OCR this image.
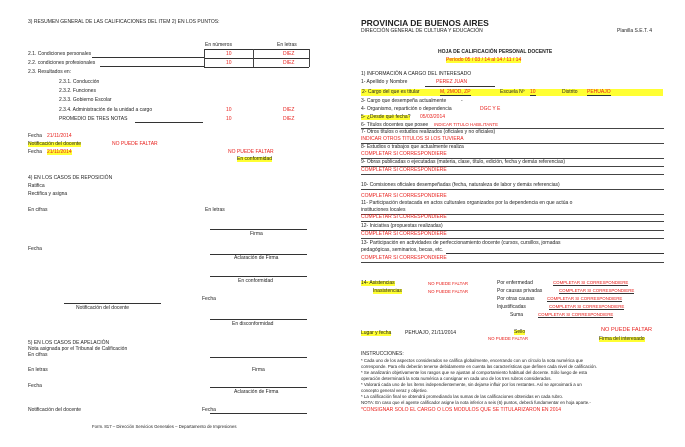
3) RESUMEN GENERAL DE LAS CALIFICACIONES DEL ITEM 2) EN LOS PUNTOS:
En números	En letras
2.1. Condiciones personales	10	DIEZ
2.2. condiciones profesionales	10	DIEZ
2.3. Resultados en:
2.3.1. Conducción
2.3.2. Funciones
2.3.3. Gobierno Escolar
2.3.4. Administración de la unidad a cargo	10	DIEZ
PROMEDIO DE TRES NOTAS	10	DIEZ
Fecha 21/11/2014
Notificación del docente	NO PUEDE FALTAR
Fecha 21/11/2014	NO PUEDE FALTAR
En conformidad
4) EN LOS CASOS DE REPOSICIÓN
Ratifica
Rectifica y asigna
En cifras	En letras
Firma
Fecha
Aclaración de Firma
En conformidad
Fecha
Notificación del docente
En disconformidad
5) EN LOS CASOS DE APELACIÓN
Nota asignada por el Tribunal de Calificación
En cifras
En letras	Firma
Fecha
Aclaración de Firma
Notificación del docente	Fecha
Form. 817 – Dirección Servicios Generales – Departamento de Impresiones
PROVINCIA DE BUENOS AIRES
DIRECCIÓN GENERAL DE CULTURA Y EDUCACIÓN	Planilla S.E.T. 4
HOJA DE CALIFICACIÓN PERSONAL DOCENTE
Período 05 / 03 / 14 al 14 / 11 / 14
1) INFORMACIÓN A CARGO DEL INTERESADO
1- Apellido y Nombre	PEREZ JUAN
2- Cargo del que es titular	M, 2MOD, ZP	Escuela Nº 10	Distrito PEHUAJO
3- Cargo que desempeña actualmente	-
4- Organismo, repartición o dependencia	DGC Y E
5- ¿Desde qué fecha? 05/03/2014
6- Títulos docentes que posee INDICAR TITULO HABILITANTE
7- Otros títulos o estudios realizados (oficiales y no oficiales)
INDICAR OTROS TITULOS SI LOS TUVIERA
8- Estudios o trabajos que actualmente realiza
COMPLETAR SI CORRESPONDIERE
9- Obras publicadas o ejecutadas (materia, clase, título, edición, fecha y demás referencias)
COMPLETAR SI CORRESPONDIERE
10- Comisiones oficiales desempeñadas (fecha, naturaleza de labor y demás referencias)
COMPLETAR SI CORRESPONDIERE
11- Participación destacada en actos culturales organizados por la dependencia en que actúa o
instituciones locales
COMPLETAR SI CORRESPONDIERE
12- Iniciativa (propuestas realizadas)
COMPLETAR SI CORRESPONDIERE
13- Participación en actividades de perfeccionamiento docente (cursos, cursillos, jornadas
pedagógicas, seminarios, becas, etc.
COMPLETAR SI CORRESPONDIERE
14- Asistencias
Inasistencias
NO PUEDE FALTAR
NO PUEDE FALTAR
Por enfermedad	COMPLETAR SI CORRESPONDIERE
Por causas privadas	COMPLETAR SI CORRESPONDIERE
Por otras causas	COMPLETAR SI CORRESPONDIERE
Injustificadas	COMPLETAR SI CORRESPONDIERE
Suma	COMPLETAR SI CORRESPONDIERE
Lugar y fecha	PEHUAJO, 21/11/2014	Sello
NO PUEDE FALTAR
NO PUEDE FALTAR
Firma del interesado
INSTRUCCIONES:
* Cada uno de los aspectos considerados se califica globalmente, encerrando con un círculo la nota numérica que
corresponde. Para ello deberán tenerse debidamente en cuenta las características que definen cada nivel de calificación.
* Se analizarán objetivamente los rasgos que se ajustan al comportamiento habitual del docente. Sólo luego de esta
operación determinará la nota numérica a consignar en cada uno de los tres rubros considerados.
* Valorará cada uno de los ítems independientemente, sin dejarse influir por los restantes. Así se aproximará a un
concepto general veraz y objetivo.
* La calificación final se obtendrá promediando las sumas de las calificaciones obtenidas en cada rubro.
NOTA: En caso que el agente calificador asigne la nota inferior a seis (6) puntos, deberá fundamentar en hoja aparte.-
*CONSIGNAR SOLO EL CARGO O LOS MODULOS QUE SE TITULARIZARON EN 2014
